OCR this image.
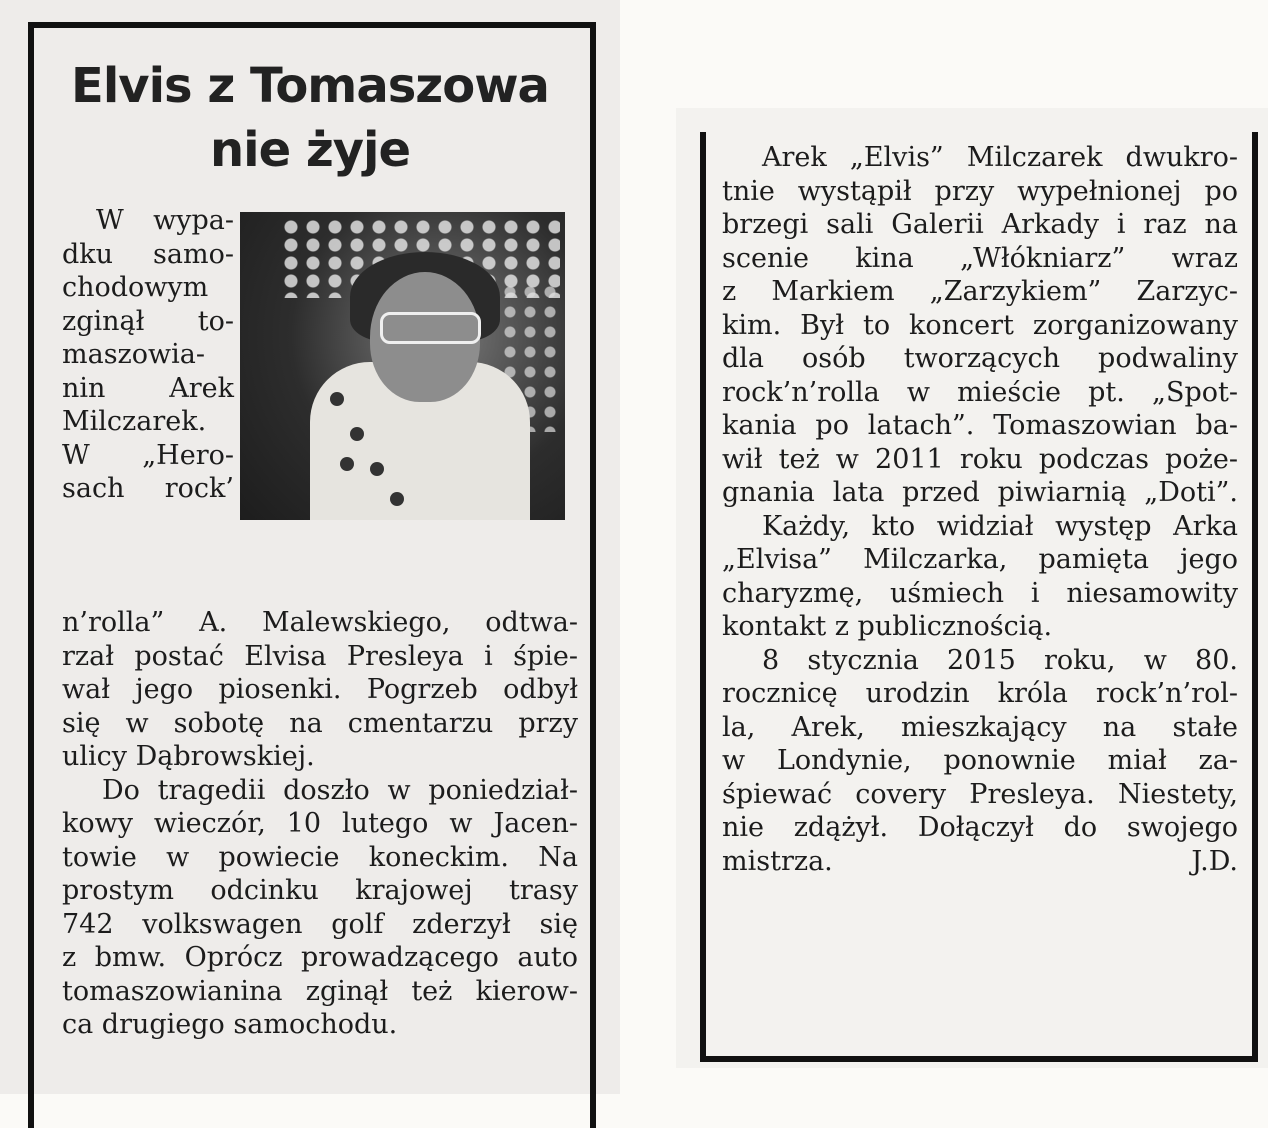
Elvis z Tomaszowa
nie żyje
W wypa-
dku samo-
chodowym
zginął to-
maszowia-
nin Arek
Milczarek.
W „Hero-
sach rock’
n’rolla” A. Malewskiego, odtwa-
rzał postać Elvisa Presleya i śpie-
wał jego piosenki. Pogrzeb odbył
się w sobotę na cmentarzu przy
ulicy Dąbrowskiej.
Do tragedii doszło w poniedział-
kowy wieczór, 10 lutego w Jacen-
towie w powiecie koneckim. Na
prostym odcinku krajowej trasy
742 volkswagen golf zderzył się
z bmw. Oprócz prowadzącego auto
tomaszowianina zginął też kierow-
ca drugiego samochodu.
Arek „Elvis” Milczarek dwukro-
tnie wystąpił przy wypełnionej po
brzegi sali Galerii Arkady i raz na
scenie kina „Włókniarz” wraz
z Markiem „Zarzykiem” Zarzyc-
kim. Był to koncert zorganizowany
dla osób tworzących podwaliny
rock’n’rolla w mieście pt. „Spot-
kania po latach”. Tomaszowian ba-
wił też w 2011 roku podczas poże-
gnania lata przed piwiarnią „Doti”.
Każdy, kto widział występ Arka
„Elvisa” Milczarka, pamięta jego
charyzmę, uśmiech i niesamowity
kontakt z publicznością.
8 stycznia 2015 roku, w 80.
rocznicę urodzin króla rock’n’rol-
la, Arek, mieszkający na stałe
w Londynie, ponownie miał za-
śpiewać covery Presleya. Niestety,
nie zdążył. Dołączył do swojego
mistrza.	J.D.
